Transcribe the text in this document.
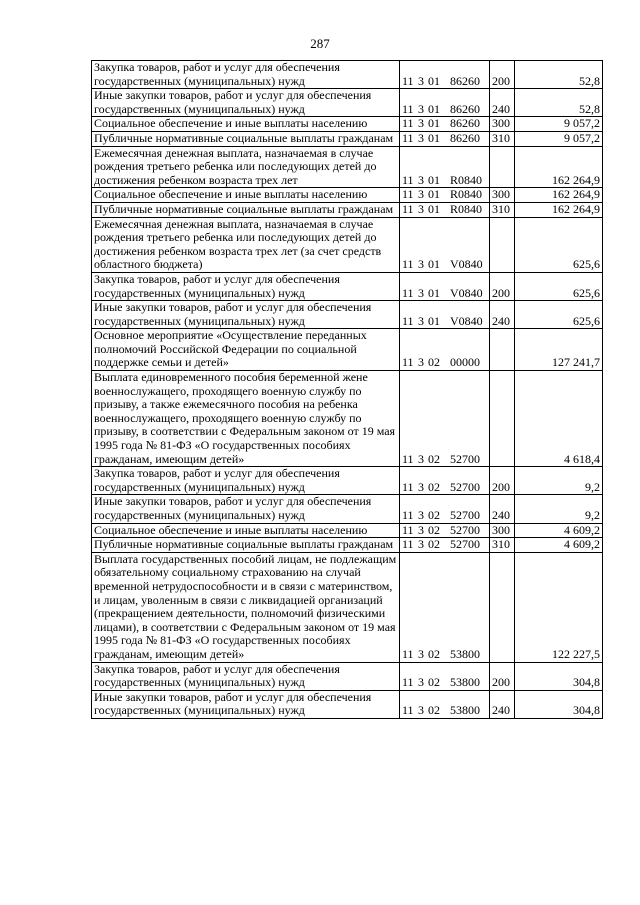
287
Закупка товаров, работ и услуг для обеспечения государственных (муниципальных) нужд	11 3 01 86260	200	52,8
Иные закупки товаров, работ и услуг для обеспечения государственных (муниципальных) нужд	11 3 01 86260	240	52,8
Социальное обеспечение и иные выплаты населению	11 3 01 86260	300	9 057,2
Публичные нормативные социальные выплаты гражданам	11 3 01 86260	310	9 057,2
Ежемесячная денежная выплата, назначаемая в случае рождения третьего ребенка или последующих детей до достижения ребенком возраста трех лет	11 3 01 R0840		162 264,9
Социальное обеспечение и иные выплаты населению	11 3 01 R0840	300	162 264,9
Публичные нормативные социальные выплаты гражданам	11 3 01 R0840	310	162 264,9
Ежемесячная денежная выплата, назначаемая в случае рождения третьего ребенка или последующих детей до достижения ребенком возраста трех лет (за счет средств областного бюджета)	11 3 01 V0840		625,6
Закупка товаров, работ и услуг для обеспечения государственных (муниципальных) нужд	11 3 01 V0840	200	625,6
Иные закупки товаров, работ и услуг для обеспечения государственных (муниципальных) нужд	11 3 01 V0840	240	625,6
Основное мероприятие «Осуществление переданных полномочий Российской Федерации по социальной поддержке семьи и детей»	11 3 02 00000		127 241,7
Выплата единовременного пособия беременной жене военнослужащего, проходящего военную службу по призыву, а также ежемесячного пособия на ребенка военнослужащего, проходящего военную службу по призыву, в соответствии с Федеральным законом от 19 мая 1995 года № 81-ФЗ «О государственных пособиях гражданам, имеющим детей»	11 3 02 52700		4 618,4
Закупка товаров, работ и услуг для обеспечения государственных (муниципальных) нужд	11 3 02 52700	200	9,2
Иные закупки товаров, работ и услуг для обеспечения государственных (муниципальных) нужд	11 3 02 52700	240	9,2
Социальное обеспечение и иные выплаты населению	11 3 02 52700	300	4 609,2
Публичные нормативные социальные выплаты гражданам	11 3 02 52700	310	4 609,2
Выплата государственных пособий лицам, не подлежащим обязательному социальному страхованию на случай временной нетрудоспособности и в связи с материнством, и лицам, уволенным в связи с ликвидацией организаций (прекращением деятельности, полномочий физическими лицами), в соответствии с Федеральным законом от 19 мая 1995 года № 81-ФЗ «О государственных пособиях гражданам, имеющим детей»	11 3 02 53800		122 227,5
Закупка товаров, работ и услуг для обеспечения государственных (муниципальных) нужд	11 3 02 53800	200	304,8
Иные закупки товаров, работ и услуг для обеспечения государственных (муниципальных) нужд	11 3 02 53800	240	304,8
